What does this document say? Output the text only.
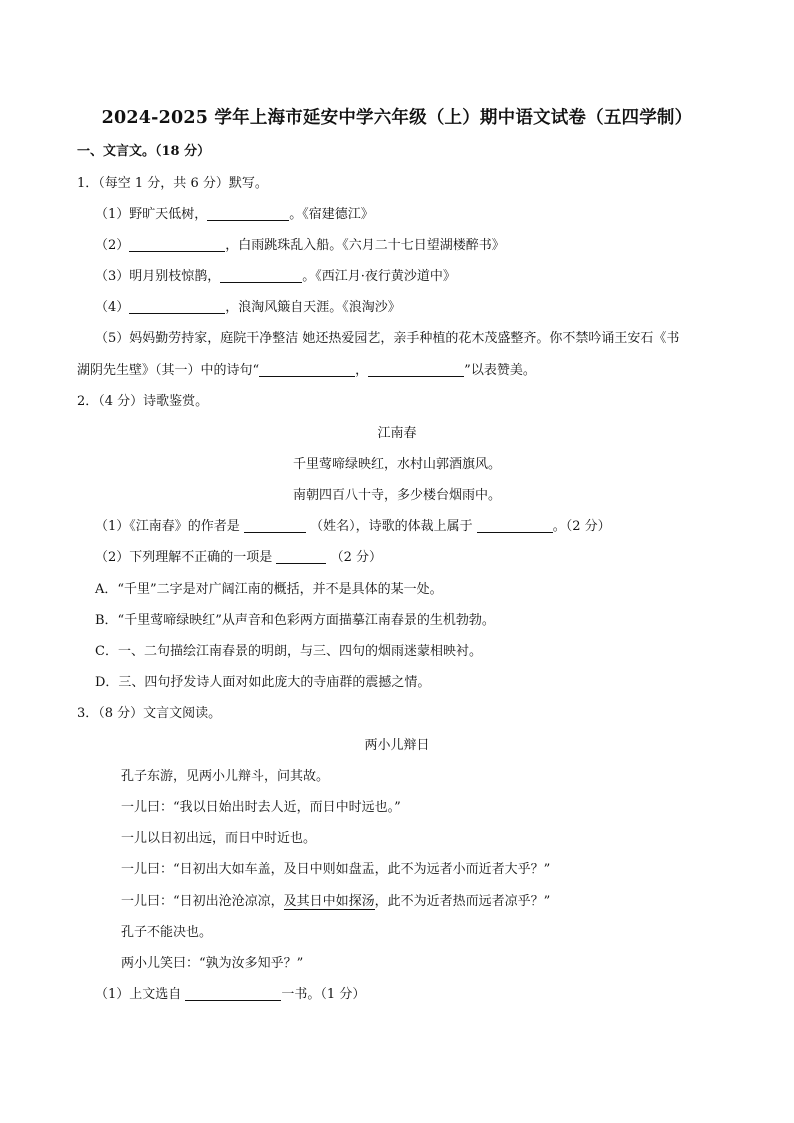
2024-2025 学年上海市延安中学六年级（上）期中语文试卷（五四学制）
一、文言文。（18 分）
1．（每空 1 分，共 6 分）默写。
（1）野旷天低树，	。《宿建德江》
（2）	，白雨跳珠乱入船。《六月二十七日望湖楼醉书》
（3）明月别枝惊鹊，	。《西江月·夜行黄沙道中》
（4）	，浪淘风簸自天涯。《浪淘沙》
（5）妈妈勤劳持家，庭院干净整洁 她还热爱园艺，亲手种植的花木茂盛整齐。你不禁吟诵王安石《书
湖阴先生壁》（其一）中的诗句“	，	”以表赞美。
2．（4 分）诗歌鉴赏。
江南春
千里莺啼绿映红，水村山郭酒旗风。
南朝四百八十寺，多少楼台烟雨中。
（1）《江南春》的作者是	（姓名），诗歌的体裁上属于	。（2 分）
（2）下列理解不正确的一项是	（2 分）
A．“千里”二字是对广阔江南的概括，并不是具体的某一处。
B．“千里莺啼绿映红”从声音和色彩两方面描摹江南春景的生机勃勃。
C．一、二句描绘江南春景的明朗，与三、四句的烟雨迷蒙相映衬。
D．三、四句抒发诗人面对如此庞大的寺庙群的震撼之情。
3．（8 分）文言文阅读。
两小儿辩日
孔子东游，见两小儿辩斗，问其故。
一儿曰：“我以日始出时去人近，而日中时远也。”
一儿以日初出远，而日中时近也。
一儿曰：“日初出大如车盖，及日中则如盘盂，此不为远者小而近者大乎？”
一儿曰：“日初出沧沧凉凉，及其日中如探汤，此不为近者热而远者凉乎？”
孔子不能决也。
两小儿笑曰：“孰为汝多知乎？”
（1）上文选自	一书。（1 分）
